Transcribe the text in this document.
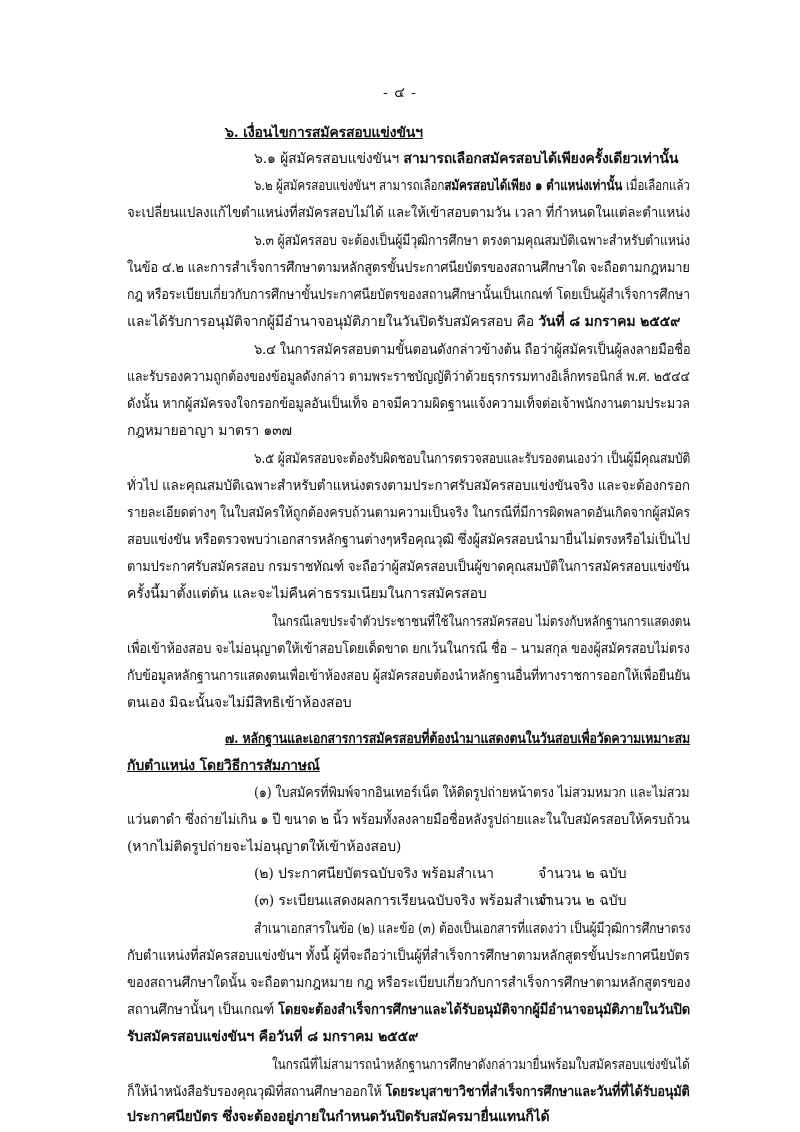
- ๔ -
๖. เงื่อนไขการสมัครสอบแข่งขันฯ
๖.๑ ผู้สมัครสอบแข่งขันฯ สามารถเลือกสมัครสอบได้เพียงครั้งเดียวเท่านั้น
๖.๒ ผู้สมัครสอบแข่งขันฯ สามารถเลือกสมัครสอบได้เพียง ๑ ตำแหน่งเท่านั้น เมื่อเลือกแล้ว
จะเปลี่ยนแปลงแก้ไขตำแหน่งที่สมัครสอบไม่ได้ และให้เข้าสอบตามวัน เวลา ที่กำหนดในแต่ละตำแหน่ง
๖.๓ ผู้สมัครสอบ จะต้องเป็นผู้มีวุฒิการศึกษา ตรงตามคุณสมบัติเฉพาะสำหรับตำแหน่ง
ในข้อ ๔.๒ และการสำเร็จการศึกษาตามหลักสูตรขั้นประกาศนียบัตรของสถานศึกษาใด จะถือตามกฎหมาย
กฎ หรือระเบียบเกี่ยวกับการศึกษาขั้นประกาศนียบัตรของสถานศึกษานั้นเป็นเกณฑ์ โดยเป็นผู้สำเร็จการศึกษา
และได้รับการอนุมัติจากผู้มีอำนาจอนุมัติภายในวันปิดรับสมัครสอบ คือ วันที่ ๘ มกราคม ๒๕๕๙
๖.๔ ในการสมัครสอบตามขั้นตอนดังกล่าวข้างต้น ถือว่าผู้สมัครเป็นผู้ลงลายมือชื่อ
และรับรองความถูกต้องของข้อมูลดังกล่าว ตามพระราชบัญญัติว่าด้วยธุรกรรมทางอิเล็กทรอนิกส์ พ.ศ. ๒๕๔๔
ดังนั้น หากผู้สมัครจงใจกรอกข้อมูลอันเป็นเท็จ อาจมีความผิดฐานแจ้งความเท็จต่อเจ้าพนักงานตามประมวล
กฎหมายอาญา มาตรา ๑๓๗
๖.๕ ผู้สมัครสอบจะต้องรับผิดชอบในการตรวจสอบและรับรองตนเองว่า เป็นผู้มีคุณสมบัติ
ทั่วไป และคุณสมบัติเฉพาะสำหรับตำแหน่งตรงตามประกาศรับสมัครสอบแข่งขันจริง และจะต้องกรอก
รายละเอียดต่างๆ ในใบสมัครให้ถูกต้องครบถ้วนตามความเป็นจริง ในกรณีที่มีการผิดพลาดอันเกิดจากผู้สมัคร
สอบแข่งขัน หรือตรวจพบว่าเอกสารหลักฐานต่างๆหรือคุณวุฒิ ซึ่งผู้สมัครสอบนำมายื่นไม่ตรงหรือไม่เป็นไป
ตามประกาศรับสมัครสอบ กรมราชทัณฑ์ จะถือว่าผู้สมัครสอบเป็นผู้ขาดคุณสมบัติในการสมัครสอบแข่งขัน
ครั้งนี้มาตั้งแต่ต้น และจะไม่คืนค่าธรรมเนียมในการสมัครสอบ
ในกรณีเลขประจำตัวประชาชนที่ใช้ในการสมัครสอบ ไม่ตรงกับหลักฐานการแสดงตน
เพื่อเข้าห้องสอบ จะไม่อนุญาตให้เข้าสอบโดยเด็ดขาด ยกเว้นในกรณี ชื่อ – นามสกุล ของผู้สมัครสอบไม่ตรง
กับข้อมูลหลักฐานการแสดงตนเพื่อเข้าห้องสอบ ผู้สมัครสอบต้องนำหลักฐานอื่นที่ทางราชการออกให้เพื่อยืนยัน
ตนเอง มิฉะนั้นจะไม่มีสิทธิเข้าห้องสอบ
๗. หลักฐานและเอกสารการสมัครสอบที่ต้องนำมาแสดงตนในวันสอบเพื่อวัดความเหมาะสม
กับตำแหน่ง โดยวิธีการสัมภาษณ์
(๑) ใบสมัครที่พิมพ์จากอินเทอร์เน็ต ให้ติดรูปถ่ายหน้าตรง ไม่สวมหมวก และไม่สวม
แว่นตาดำ ซึ่งถ่ายไม่เกิน ๑ ปี ขนาด ๒ นิ้ว พร้อมทั้งลงลายมือชื่อหลังรูปถ่ายและในใบสมัครสอบให้ครบถ้วน
(หากไม่ติดรูปถ่ายจะไม่อนุญาตให้เข้าห้องสอบ)
(๒) ประกาศนียบัตรฉบับจริง พร้อมสำเนา	จำนวน ๒ ฉบับ
(๓) ระเบียนแสดงผลการเรียนฉบับจริง พร้อมสำเนา
จำนวน ๒ ฉบับ
สำเนาเอกสารในข้อ (๒) และข้อ (๓) ต้องเป็นเอกสารที่แสดงว่า เป็นผู้มีวุฒิการศึกษาตรง
กับตำแหน่งที่สมัครสอบแข่งขันฯ ทั้งนี้ ผู้ที่จะถือว่าเป็นผู้ที่สำเร็จการศึกษาตามหลักสูตรขั้นประกาศนียบัตร
ของสถานศึกษาใดนั้น จะถือตามกฎหมาย กฎ หรือระเบียบเกี่ยวกับการสำเร็จการศึกษาตามหลักสูตรของ
สถานศึกษานั้นๆ เป็นเกณฑ์ โดยจะต้องสำเร็จการศึกษาและได้รับอนุมัติจากผู้มีอำนาจอนุมัติภายในวันปิด
รับสมัครสอบแข่งขันฯ คือวันที่ ๘ มกราคม ๒๕๕๙
ในกรณีที่ไม่สามารถนำหลักฐานการศึกษาดังกล่าวมายื่นพร้อมใบสมัครสอบแข่งขันได้
ก็ให้นำหนังสือรับรองคุณวุฒิที่สถานศึกษาออกให้ โดยระบุสาขาวิชาที่สำเร็จการศึกษาและวันที่ที่ได้รับอนุมัติ
ประกาศนียบัตร ซึ่งจะต้องอยู่ภายในกำหนดวันปิดรับสมัครมายื่นแทนก็ได้
